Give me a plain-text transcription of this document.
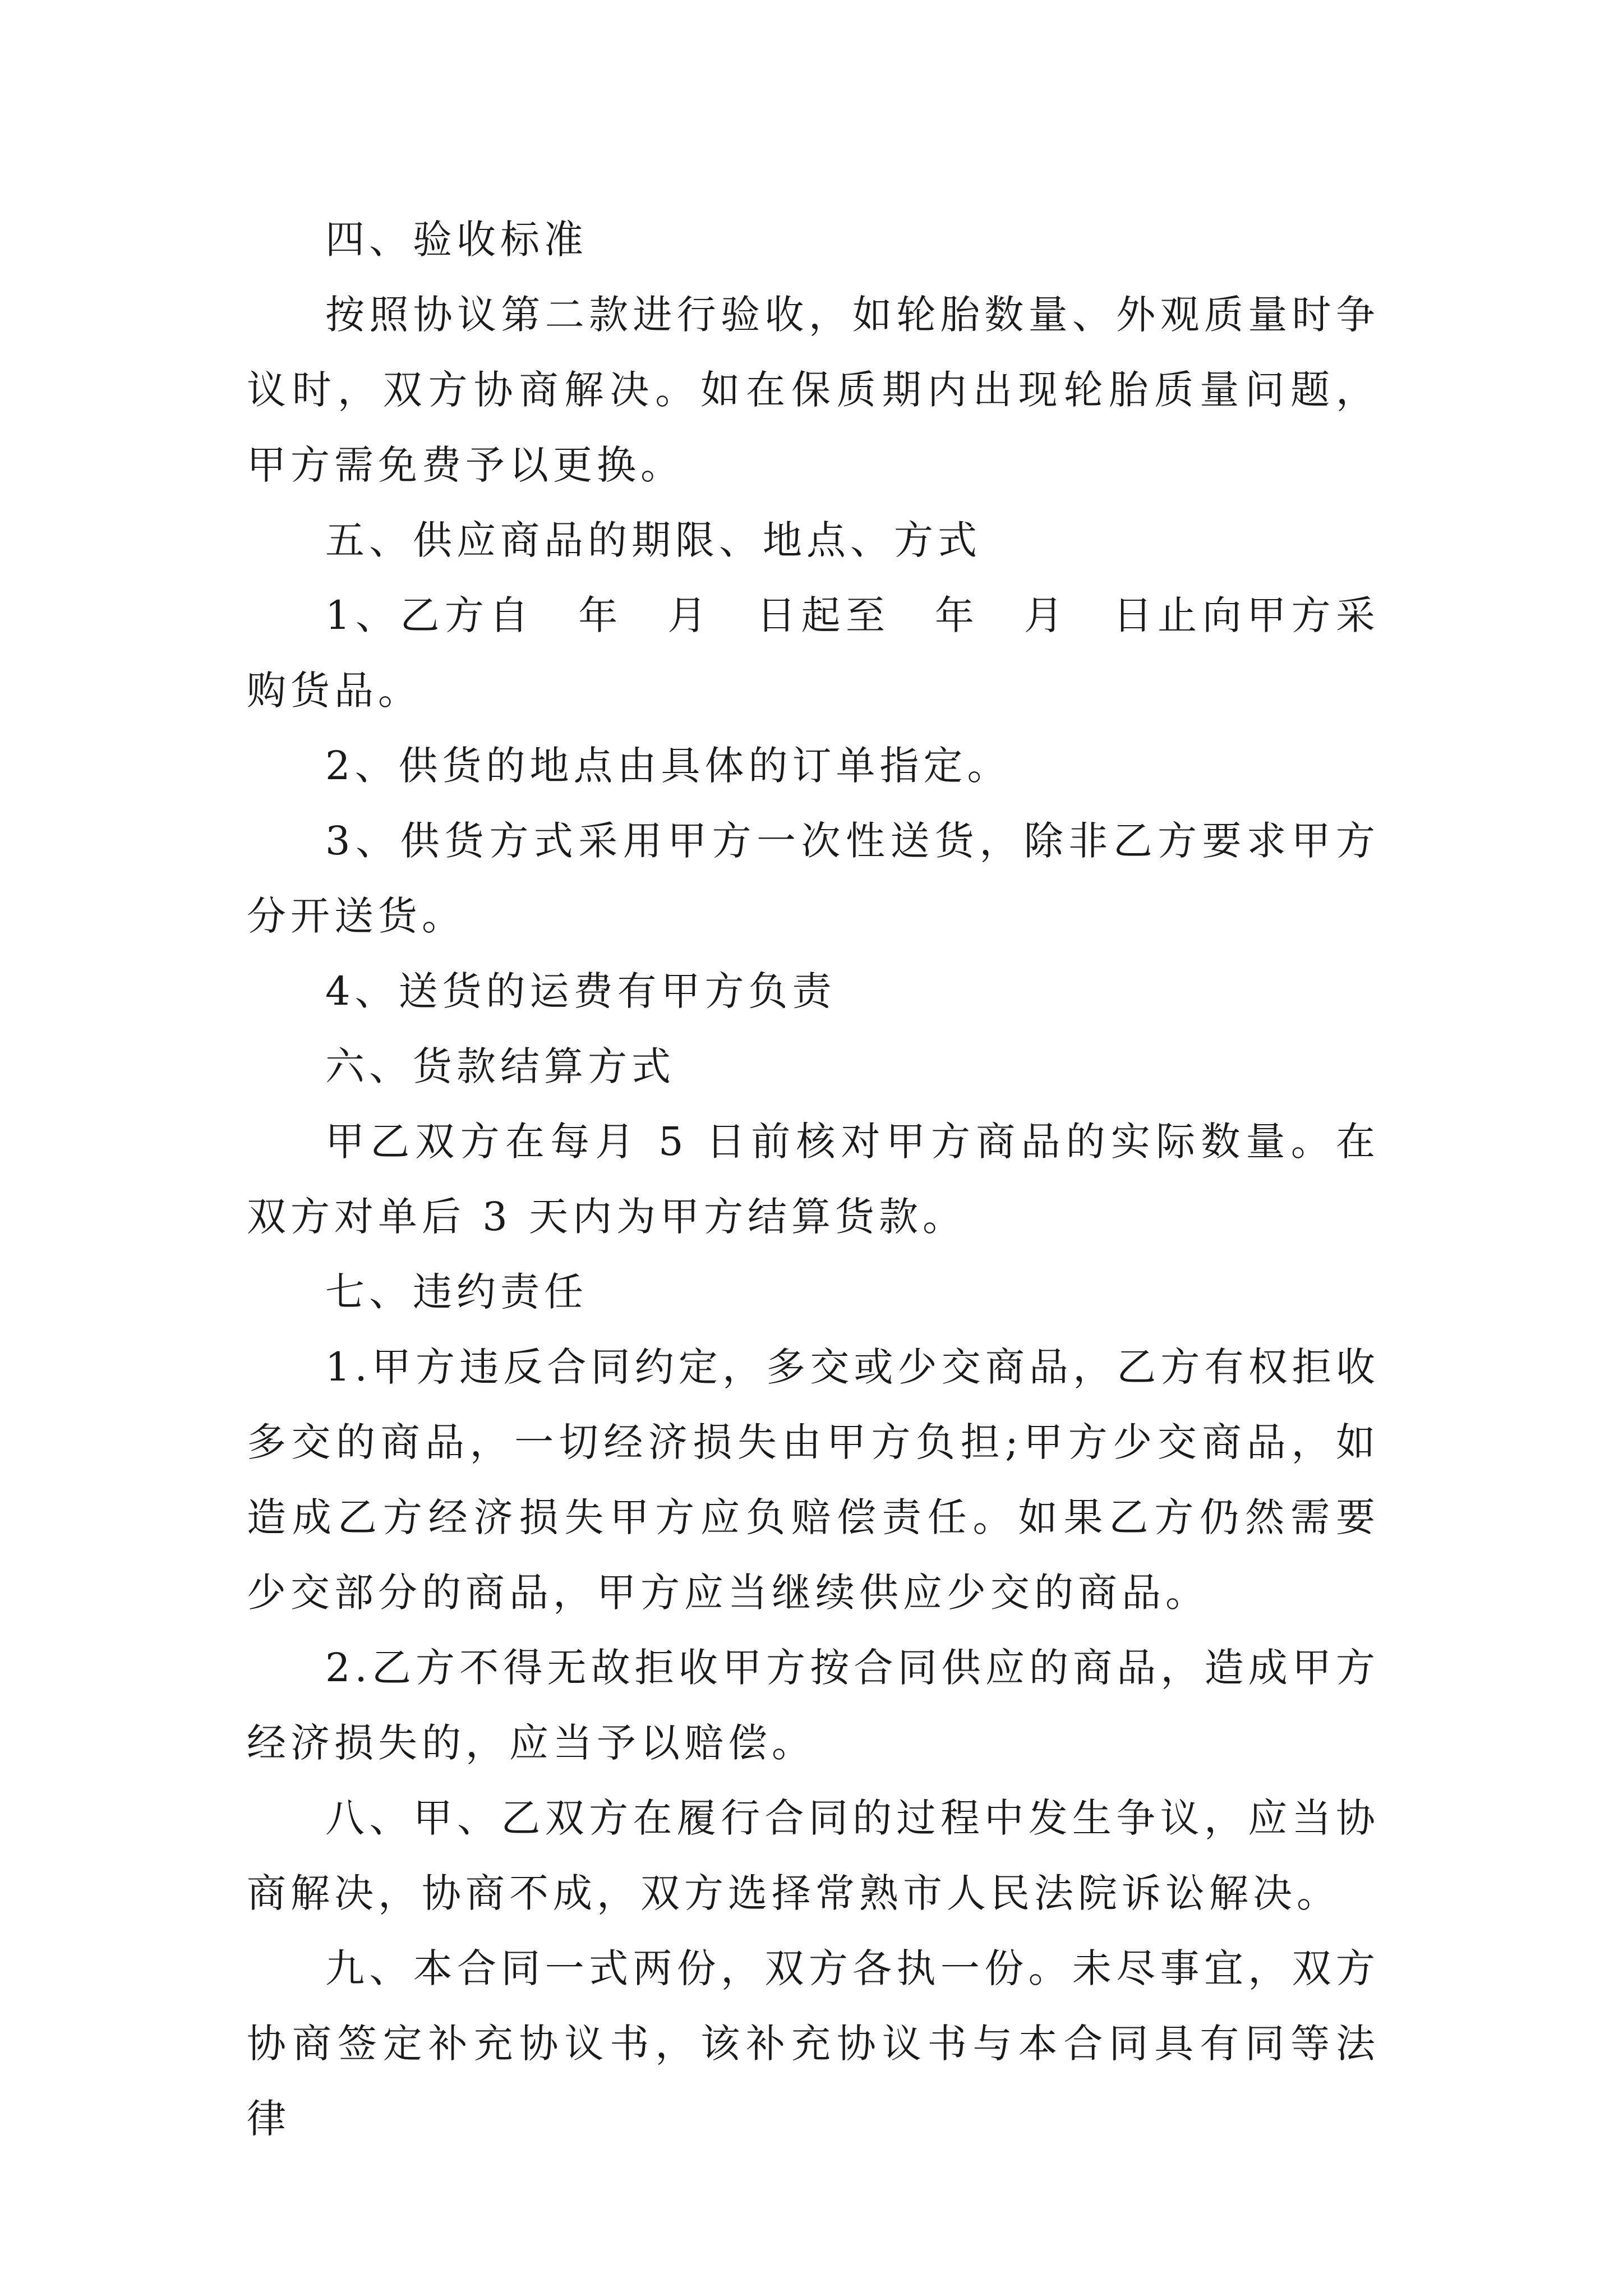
四、验收标准

按照协议第二款进行验收，如轮胎数量、外观质量时争议时，双方协商解决。如在保质期内出现轮胎质量问题，甲方需免费予以更换。

五、供应商品的期限、地点、方式

1、乙方自　年　月　日起至　年　月　日止向甲方采购货品。

2、供货的地点由具体的订单指定。

3、供货方式采用甲方一次性送货，除非乙方要求甲方分开送货。

4、送货的运费有甲方负责

六、货款结算方式

甲乙双方在每月 5 日前核对甲方商品的实际数量。在双方对单后 3 天内为甲方结算货款。

七、违约责任

1.甲方违反合同约定，多交或少交商品，乙方有权拒收多交的商品，一切经济损失由甲方负担;甲方少交商品，如造成乙方经济损失甲方应负赔偿责任。如果乙方仍然需要少交部分的商品，甲方应当继续供应少交的商品。

2.乙方不得无故拒收甲方按合同供应的商品，造成甲方经济损失的，应当予以赔偿。

八、甲、乙双方在履行合同的过程中发生争议，应当协商解决，协商不成，双方选择常熟市人民法院诉讼解决。

九、本合同一式两份，双方各执一份。未尽事宜，双方协商签定补充协议书，该补充协议书与本合同具有同等法律
